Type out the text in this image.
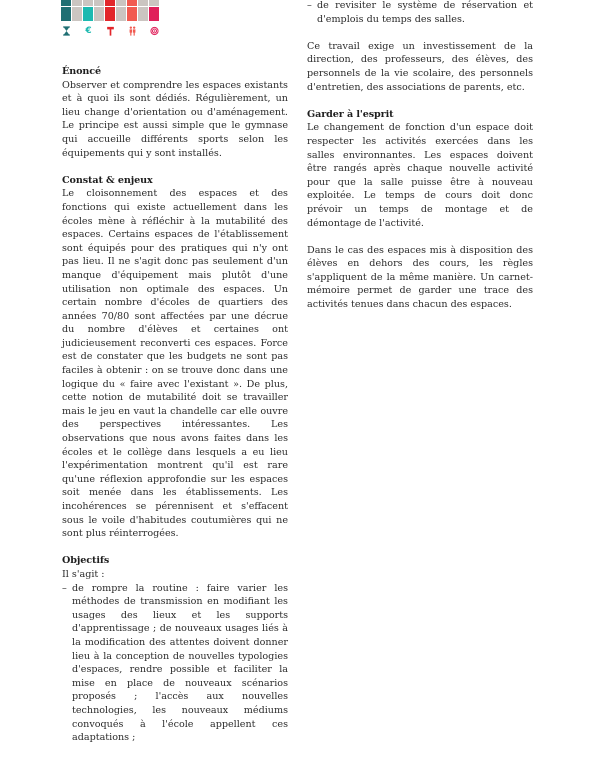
€
Énoncé

Observer et comprendre les espaces existants et à quoi ils sont dédiés. Régulièrement, un lieu change d'orientation ou d'aménagement. Le principe est aussi simple que le gymnase qui accueille différents sports selon les équipements qui y sont installés.

Constat & enjeux

Le cloisonnement des espaces et des fonctions qui existe actuellement dans les écoles mène à réfléchir à la mutabilité des espaces. Certains espaces de l'établissement sont équipés pour des pratiques qui n'y ont pas lieu. Il ne s'agit donc pas seulement d'un manque d'équipement mais plutôt d'une utilisation non optimale des espaces. Un certain nombre d'écoles de quartiers des années 70/80 sont affectées par une décrue du nombre d'élèves et certaines ont judicieusement reconverti ces espaces. Force est de constater que les budgets ne sont pas faciles à obtenir : on se trouve donc dans une logique du « faire avec l'existant ». De plus, cette notion de mutabilité doit se travailler mais le jeu en vaut la chandelle car elle ouvre des perspectives intéressantes. Les observations que nous avons faites dans les écoles et le collège dans lesquels a eu lieu l'expérimentation montrent qu'il est rare qu'une réflexion approfondie sur les espaces soit menée dans les établissements. Les incohérences se pérennisent et s'effacent sous le voile d'habitudes coutumières qui ne sont plus réinterrogées.

Objectifs

Il s'agit :

– de rompre la routine : faire varier les méthodes de transmission en modifiant les usages des lieux et les supports d'apprentissage ; de nouveaux usages liés à la modification des attentes doivent donner lieu à la conception de nouvelles typologies d'espaces, rendre possible et faciliter la mise en place de nouveaux scénarios proposés ; l'accès aux nouvelles technologies, les nouveaux médiums convoqués à l'école appellent ces adaptations ;

– de revisiter le système de réservation et d'emplois du temps des salles.

Ce travail exige un investissement de la direction, des professeurs, des élèves, des personnels de la vie scolaire, des personnels d'entretien, des associations de parents, etc.

Garder à l'esprit

Le changement de fonction d'un espace doit respecter les activités exercées dans les salles environnantes. Les espaces doivent être rangés après chaque nouvelle activité pour que la salle puisse être à nouveau exploitée. Le temps de cours doit donc prévoir un temps de montage et de démontage de l'activité.

Dans le cas des espaces mis à disposition des élèves en dehors des cours, les règles s'appliquent de la même manière. Un carnet-mémoire permet de garder une trace des activités tenues dans chacun des espaces.
